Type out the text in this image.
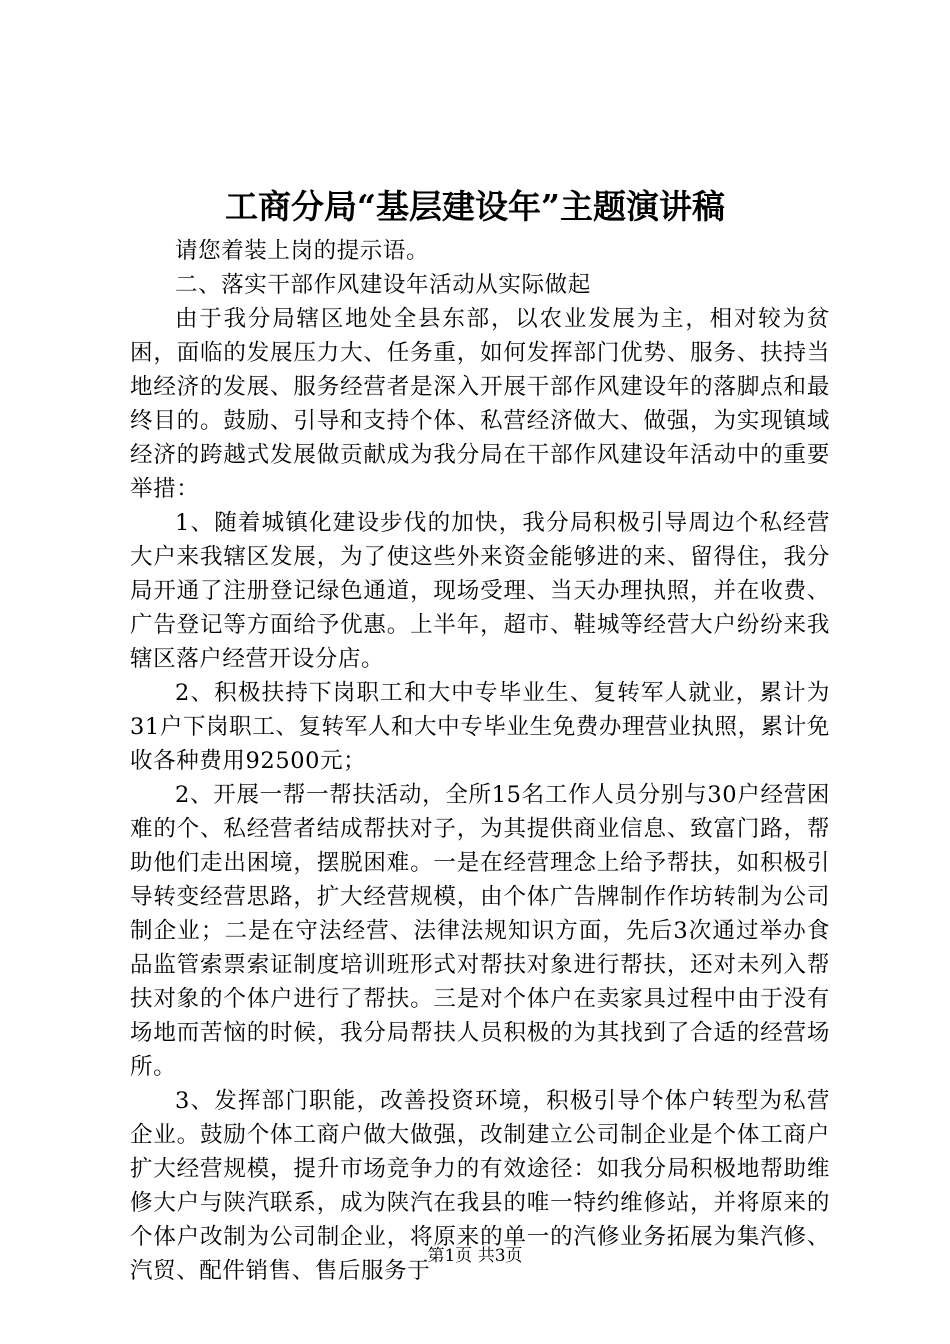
工商分局“基层建设年”主题演讲稿

请您着装上岗的提示语。

二、落实干部作风建设年活动从实际做起

由于我分局辖区地处全县东部，以农业发展为主，相对较为贫困，面临的发展压力大、任务重，如何发挥部门优势、服务、扶持当地经济的发展、服务经营者是深入开展干部作风建设年的落脚点和最终目的。鼓励、引导和支持个体、私营经济做大、做强，为实现镇域经济的跨越式发展做贡献成为我分局在干部作风建设年活动中的重要举措：

1、随着城镇化建设步伐的加快，我分局积极引导周边个私经营大户来我辖区发展，为了使这些外来资金能够进的来、留得住，我分局开通了注册登记绿色通道，现场受理、当天办理执照，并在收费、广告登记等方面给予优惠。上半年，超市、鞋城等经营大户纷纷来我辖区落户经营开设分店。

2、积极扶持下岗职工和大中专毕业生、复转军人就业，累计为31户下岗职工、复转军人和大中专毕业生免费办理营业执照，累计免收各种费用92500元；

2、开展一帮一帮扶活动，全所15名工作人员分别与30户经营困难的个、私经营者结成帮扶对子，为其提供商业信息、致富门路，帮助他们走出困境，摆脱困难。一是在经营理念上给予帮扶，如积极引导转变经营思路，扩大经营规模，由个体广告牌制作作坊转制为公司制企业；二是在守法经营、法律法规知识方面，先后3次通过举办食品监管索票索证制度培训班形式对帮扶对象进行帮扶，还对未列入帮扶对象的个体户进行了帮扶。三是对个体户在卖家具过程中由于没有场地而苦恼的时候，我分局帮扶人员积极的为其找到了合适的经营场所。

3、发挥部门职能，改善投资环境，积极引导个体户转型为私营企业。鼓励个体工商户做大做强，改制建立公司制企业是个体工商户扩大经营规模，提升市场竞争力的有效途径：如我分局积极地帮助维修大户与陕汽联系，成为陕汽在我县的唯一特约维修站，并将原来的个体户改制为公司制企业，将原来的单一的汽修业务拓展为集汽修、汽贸、配件销售、售后服务于

第1页 共3页
